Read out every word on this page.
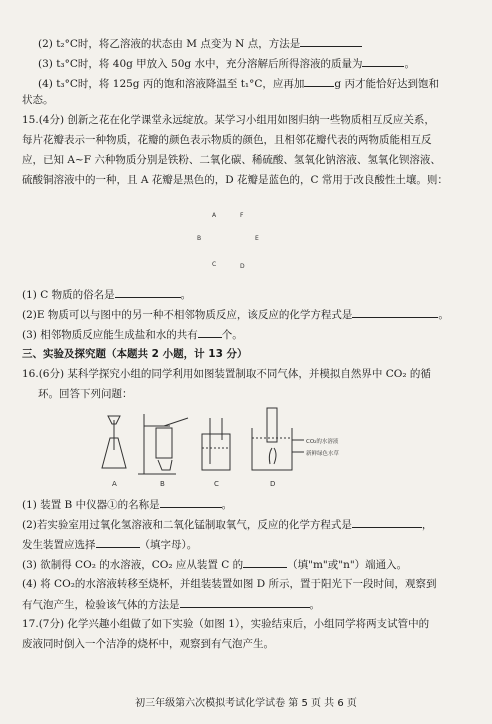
(2) t₂°C时，将乙溶液的状态由 M 点变为 N 点，方法是
(3) t₃°C时，将 40g 甲放入 50g 水中，充分溶解后所得溶液的质量为	。
(4) t₃°C时，将 125g 丙的饱和溶液降温至 t₁°C，应再加	g 丙才能恰好达到饱和
状态。
15.(4分) 创新之花在化学课堂永远绽放。某学习小组用如图归纳一些物质相互反应关系，
每片花瓣表示一种物质，花瓣的颜色表示物质的颜色，且相邻花瓣代表的两物质能相互反
应，已知 A~F 六种物质分别是铁粉、二氧化碳、稀硫酸、氢氧化钠溶液、氢氧化钡溶液、
硫酸铜溶液中的一种，且 A 花瓣是黑色的，D 花瓣是蓝色的，C 常用于改良酸性土壤。则：
A	F
B	E
C	D
(1) C 物质的俗名是	。
(2)E 物质可以与图中的另一种不相邻物质反应，该反应的化学方程式是	。
(3) 相邻物质反应能生成盐和水的共有 个。
三、实验及探究题（本题共 2 小题，计 13 分）
16.(6分) 某科学探究小组的同学利用如图装置制取不同气体，并模拟自然界中 CO₂ 的循
环。回答下列问题：
CO₂的水溶液
新鲜绿色水草
A	B	C	D
(1) 装置 B 中仪器①的名称是	。
(2)若实验室用过氧化氢溶液和二氧化锰制取氧气，反应的化学方程式是	，
发生装置应选择	（填字母）。
(3) 欲制得 CO₂ 的水溶液，CO₂ 应从装置 C 的	（填"m"或"n"）端通入。
(4) 将 CO₂的水溶液转移至烧杯，并组装装置如图 D 所示，置于阳光下一段时间，观察到
有气泡产生，检验该气体的方法是	。
17.(7分) 化学兴趣小组做了如下实验（如图 1），实验结束后，小组同学将两支试管中的
废液同时倒入一个洁净的烧杯中，观察到有气泡产生。
初三年级第六次模拟考试化学试卷 第 5 页 共 6 页
